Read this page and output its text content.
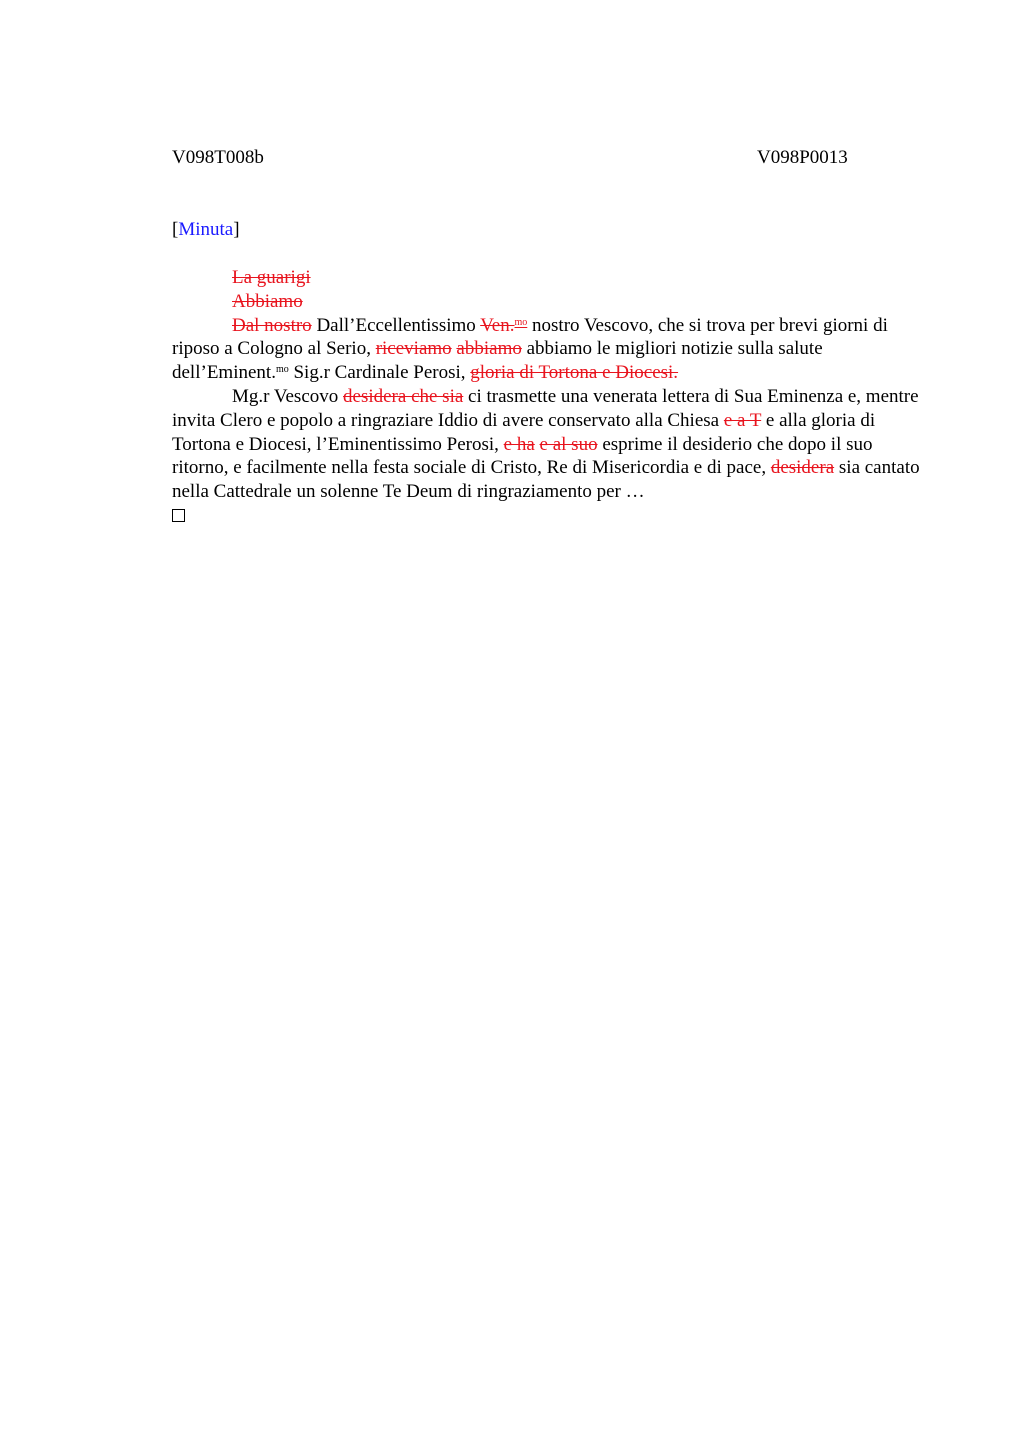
V098T008b	V098P0013
[Minuta]
La guarigi
Abbiamo

Dal nostro Dall’Eccellentissimo Ven.$^{mo}$ nostro Vescovo, che si trova per brevi giorni di riposo a Cologno al Serio, riceviamo abbiamo abbiamo le migliori notizie sulla salute dell’Eminent.$^{mo}$ Sig.r Cardinale Perosi, gloria di Tortona e Diocesi.

Mg.r Vescovo desidera che sia ci trasmette una venerata lettera di Sua Eminenza e, mentre invita Clero e popolo a ringraziare Iddio di avere conservato alla Chiesa e a T e alla gloria di Tortona e Diocesi, l’Eminentissimo Perosi, e ha e al suo esprime il desiderio che dopo il suo ritorno, e facilmente nella festa sociale di Cristo, Re di Misericordia e di pace, desidera sia cantato nella Cattedrale un solenne Te Deum di ringraziamento per …
